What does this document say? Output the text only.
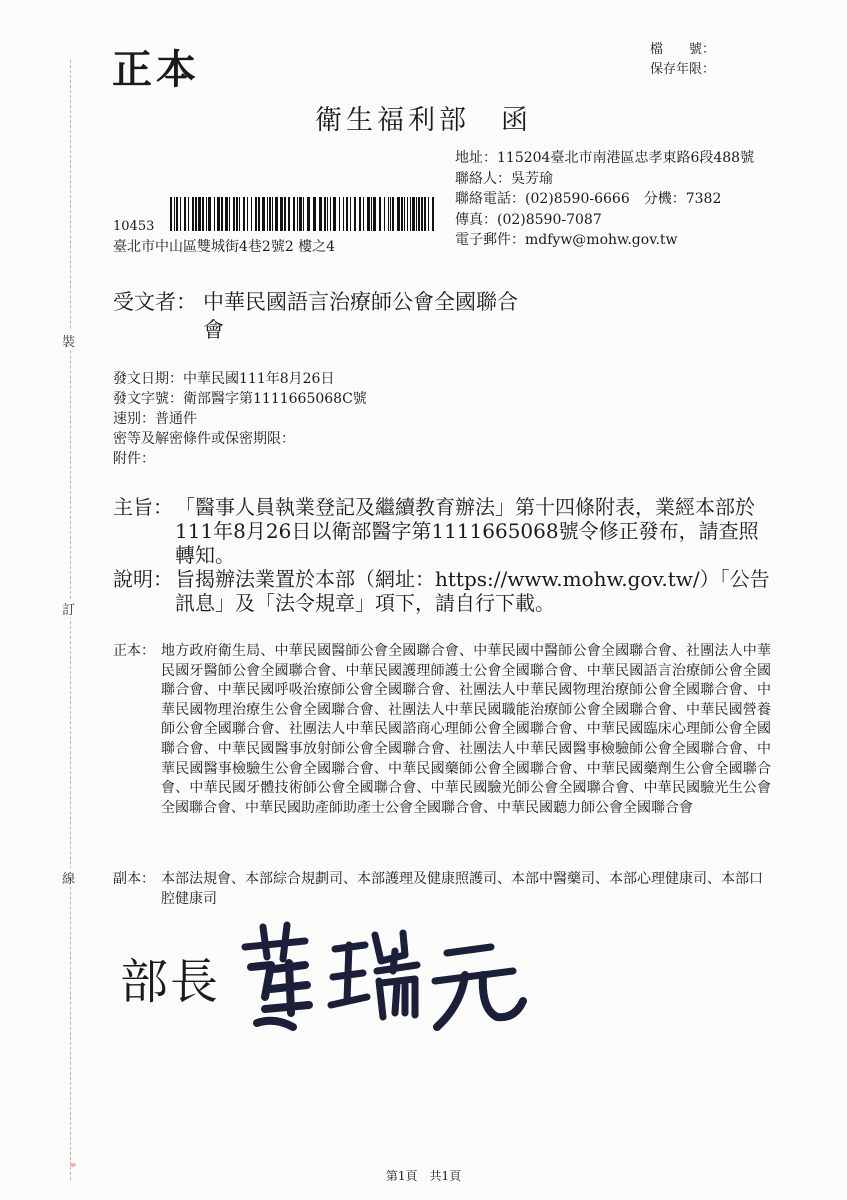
裝
訂
線
正本	檔　　號：
保存年限：
衛生福利部　函
地址：115204臺北市南港區忠孝東路6段488號
聯絡人：吳芳瑜
聯絡電話：(02)8590-6666　分機：7382
傳真：(02)8590-7087
電子郵件：mdfyw@mohw.gov.tw
10453
臺北市中山區雙城街4巷2號2 樓之4
受文者： 中華民國語言治療師公會全國聯合會
發文日期：中華民國111年8月26日
發文字號：衛部醫字第1111665068C號
速別：普通件
密等及解密條件或保密期限：
附件：
主旨： 「醫事人員執業登記及繼續教育辦法」第十四條附表，業經本部於111年8月26日以衛部醫字第1111665068號令修正發布，請查照轉知。
說明： 旨揭辦法業置於本部（網址：https://www.mohw.gov.tw/）「公告訊息」及「法令規章」項下，請自行下載。
正本： 地方政府衛生局、中華民國醫師公會全國聯合會、中華民國中醫師公會全國聯合會、社團法人中華民國牙醫師公會全國聯合會、中華民國護理師護士公會全國聯合會、中華民國語言治療師公會全國聯合會、中華民國呼吸治療師公會全國聯合會、社團法人中華民國物理治療師公會全國聯合會、中華民國物理治療生公會全國聯合會、社團法人中華民國職能治療師公會全國聯合會、中華民國營養師公會全國聯合會、社團法人中華民國諮商心理師公會全國聯合會、中華民國臨床心理師公會全國聯合會、中華民國醫事放射師公會全國聯合會、社團法人中華民國醫事檢驗師公會全國聯合會、中華民國醫事檢驗生公會全國聯合會、中華民國藥師公會全國聯合會、中華民國藥劑生公會全國聯合會、中華民國牙體技術師公會全國聯合會、中華民國驗光師公會全國聯合會、中華民國驗光生公會全國聯合會、中華民國助產師助產士公會全國聯合會、中華民國聽力師公會全國聯合會
副本： 本部法規會、本部綜合規劃司、本部護理及健康照護司、本部中醫藥司、本部心理健康司、本部口腔健康司
部長
第1頁　共1頁
